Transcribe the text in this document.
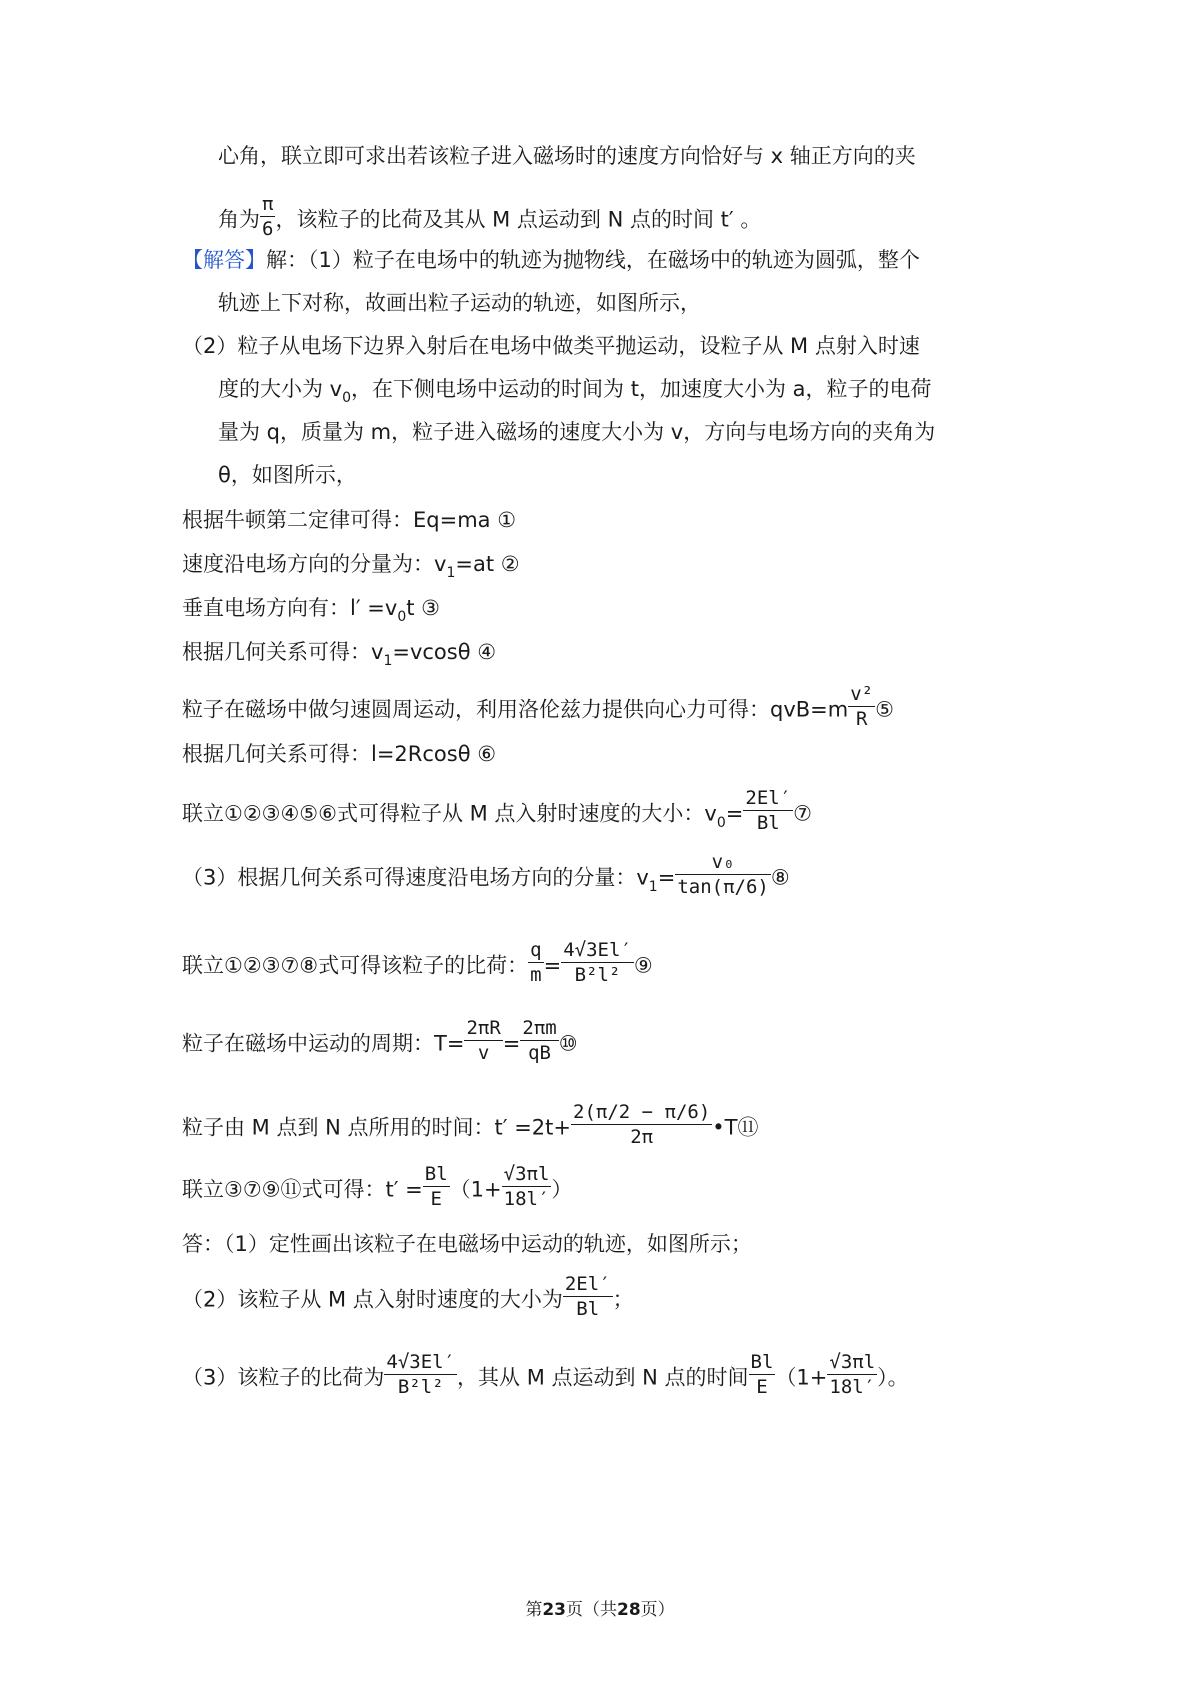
心角，联立即可求出若该粒子进入磁场时的速度方向恰好与 x 轴正方向的夹
角为 $\frac{\pi}{6}$ ，该粒子的比荷及其从 M 点运动到 N 点的时间 t′ 。
【解答】解：（1）粒子在电场中的轨迹为抛物线，在磁场中的轨迹为圆弧，整个
轨迹上下对称，故画出粒子运动的轨迹，如图所示，
（2）粒子从电场下边界入射后在电场中做类平抛运动，设粒子从 M 点射入时速
度的大小为 $v_0$，在下侧电场中运动的时间为 t，加速度大小为 a，粒子的电荷
量为 q，质量为 m，粒子进入磁场的速度大小为 v，方向与电场方向的夹角为
θ，如图所示，
根据牛顿第二定律可得：Eq=ma ①
速度沿电场方向的分量为：$v_1=at$ ②
垂直电场方向有：$l' =v_0t$ ③
根据几何关系可得：$v_1=vcos\theta$ ④
粒子在磁场中做匀速圆周运动，利用洛伦兹力提供向心力可得：$qvB=m \frac{\text{v²}}{R}$ ⑤
根据几何关系可得：l=2Rcosθ ⑥
联立①②③④⑤⑥式可得粒子从 M 点入射时速度的大小：$v_0= \frac{2El'}{Bl}$ ⑦
（3）根据几何关系可得速度沿电场方向的分量：$v_1= \frac{\text{v₀}}{\tan(\pi/6)}$ ⑧
联立①②③⑦⑧式可得该粒子的比荷： $\frac{q}{m} = \frac{4√3El'}{\text{B²l²}}$ ⑨
粒子在磁场中运动的周期：$T= \frac{2\pi R}{v} = \frac{2\pi m}{qB}$ ⑩
粒子由 M 点到 N 点所用的时间：$t' =2t+ \frac{2(\pi/2 - \pi/6)}{2\pi}$ •T⑪
联立③⑦⑨⑪式可得：$t' = \frac{Bl}{E} (1+ \frac{√3\pi l}{18l'}$ ）
答：（1）定性画出该粒子在电磁场中运动的轨迹，如图所示；
（2）该粒子从 M 点入射时速度的大小为 $\frac{2El'}{Bl}$ ；
（3）该粒子的比荷为 $\frac{4√3El'}{\text{B²l²}}$ ，其从 M 点运动到 N 点的时间 $\frac{Bl}{E} (1+ \frac{√3\pi l}{18l'}$ ）。
第23页（共28页）
